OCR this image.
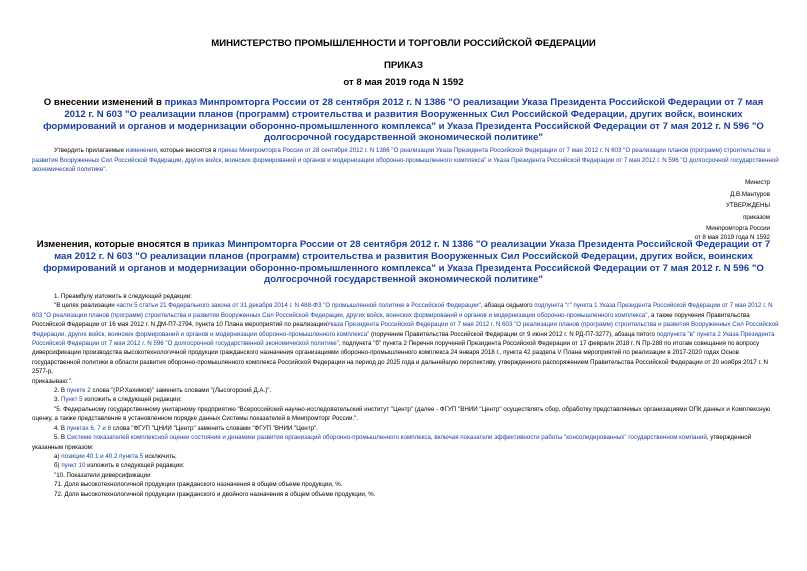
МИНИСТЕРСТВО ПРОМЫШЛЕННОСТИ И ТОРГОВЛИ РОССИЙСКОЙ ФЕДЕРАЦИИ
ПРИКАЗ
от 8 мая 2019 года N 1592
О внесении изменений в приказ Минпромторга России от 28 сентября 2012 г. N 1386 "О реализации Указа Президента Российской Федерации от 7 мая 2012 г. N 603 "О реализации планов (программ) строительства и развития Вооруженных Сил Российской Федерации, других войск, воинских формирований и органов и модернизации оборонно-промышленного комплекса" и Указа Президента Российской Федерации от 7 мая 2012 г. N 596 "О долгосрочной государственной экономической политике"
Утвердить прилагаемые изменения, которые вносятся в приказ Минпромторга России от 28 сентября 2012 г. N 1386 "О реализации Указа Президента Российской Федерации от 7 мая 2012 г. N 603 "О реализации планов (программ) строительства и развития Вооруженных Сил Российской Федерации, других войск, воинских формирований и органов и модернизации оборонно-промышленного комплекса" и Указа Президента Российской Федерации от 7 мая 2012 г. N 596 "О долгосрочной государственной экономической политике".
Министр
Д.В.Мантуров
УТВЕРЖДЕНЫ
приказом
Минпромторга России
от 8 мая 2019 года N 1592
Изменения, которые вносятся в приказ Минпромторга России от 28 сентября 2012 г. N 1386 "О реализации Указа Президента Российской Федерации от 7 мая 2012 г. N 603 "О реализации планов (программ) строительства и развития Вооруженных Сил Российской Федерации, других войск, воинских формирований и органов и модернизации оборонно-промышленного комплекса" и Указа Президента Российской Федерации от 7 мая 2012 г. N 596 "О долгосрочной государственной экономической политике"

1. Преамбулу изложить в следующей редакции:

"В целях реализации части 5 статьи 21 Федерального закона от 31 декабря 2014 г. N 488-ФЗ "О промышленной политике в Российской Федерации", абзаца седьмого подпункта "г" пункта 1 Указа Президента Российской Федерации от 7 мая 2012 г. N 603 "О реализации планов (программ) строительства и развития Вооруженных Сил Российской Федерации, других войск, воинских формирований и органов и модернизации оборонно-промышленного комплекса", а также поручения Правительства Российской Федерации от 16 мая 2012 г. N ДМ-П7-2794, пункта 10 Плана мероприятий по реализацииУказа Президента Российской Федерации от 7 мая 2012 г. N 603 "О реализации планов (программ) строительства и развития Вооруженных Сил Российской Федерации, других войск, воинских формирований и органов и модернизации оборонно-промышленного комплекса" (поручение Правительства Российской Федерации от 9 июня 2012 г. N РД-П7-3277), абзаца пятого подпункта "в" пункта 2 Указа Президента Российской Федерации от 7 мая 2012 г. N 596 "О долгосрочной государственной экономической политике", подпункта "б" пункта 2 Перечня поручений Президента Российской Федерации от 17 февраля 2018 г. N Пр-288 по итогам совещания по вопросу диверсификации производства высокотехнологичной продукции гражданского назначения организациями оборонно-промышленного комплекса 24 января 2018 г., пункта 42 раздела V Плана мероприятий по реализации в 2017-2020 годах Основ государственной политики в области развития оборонно-промышленного комплекса Российской Федерации на период до 2025 года и дальнейшую перспективу, утвержденного распоряжением Правительства Российской Федерации от 20 ноября 2017 г. N 2577-р,

приказываю:".

2. В пункте 2 слова "(Р.Р.Хахимов)" заменить словами "(Лысогорский Д.А.)".

3. Пункт 5 изложить в следующей редакции:

"5. Федеральному государственному унитарному предприятию "Всероссийский научно-исследовательский институт "Центр" (далее - ФГУП "ВНИИ "Центр" осуществлять сбор, обработку представляемых организациями ОПК данных и Комплексную оценку, а также представление в установленном порядке данных Системы показателей в Минпромторг России.".

4. В пунктах 6, 7 и 8 слова "ФГУП "ЦНИИ "Центр" заменить словами "ФГУП "ВНИИ "Центр".

5. В Системе показателей комплексной оценки состояния и динамики развития организаций оборонно-промышленного комплекса, включая показатели эффективности работы "консолидированных" государственном компаний, утвержденной указанным приказом:

а) позиции 40.1 и 40.2 пункта 5 исключить;

б) пункт 10 изложить в следующей редакции:

"10. Показатели диверсификации

71. Доля высокотехнологичной продукции гражданского назначения в общем объеме продукции, %.

72. Доля высокотехнологичной продукции гражданского и двойного назначения в общем объеме продукции, %.
